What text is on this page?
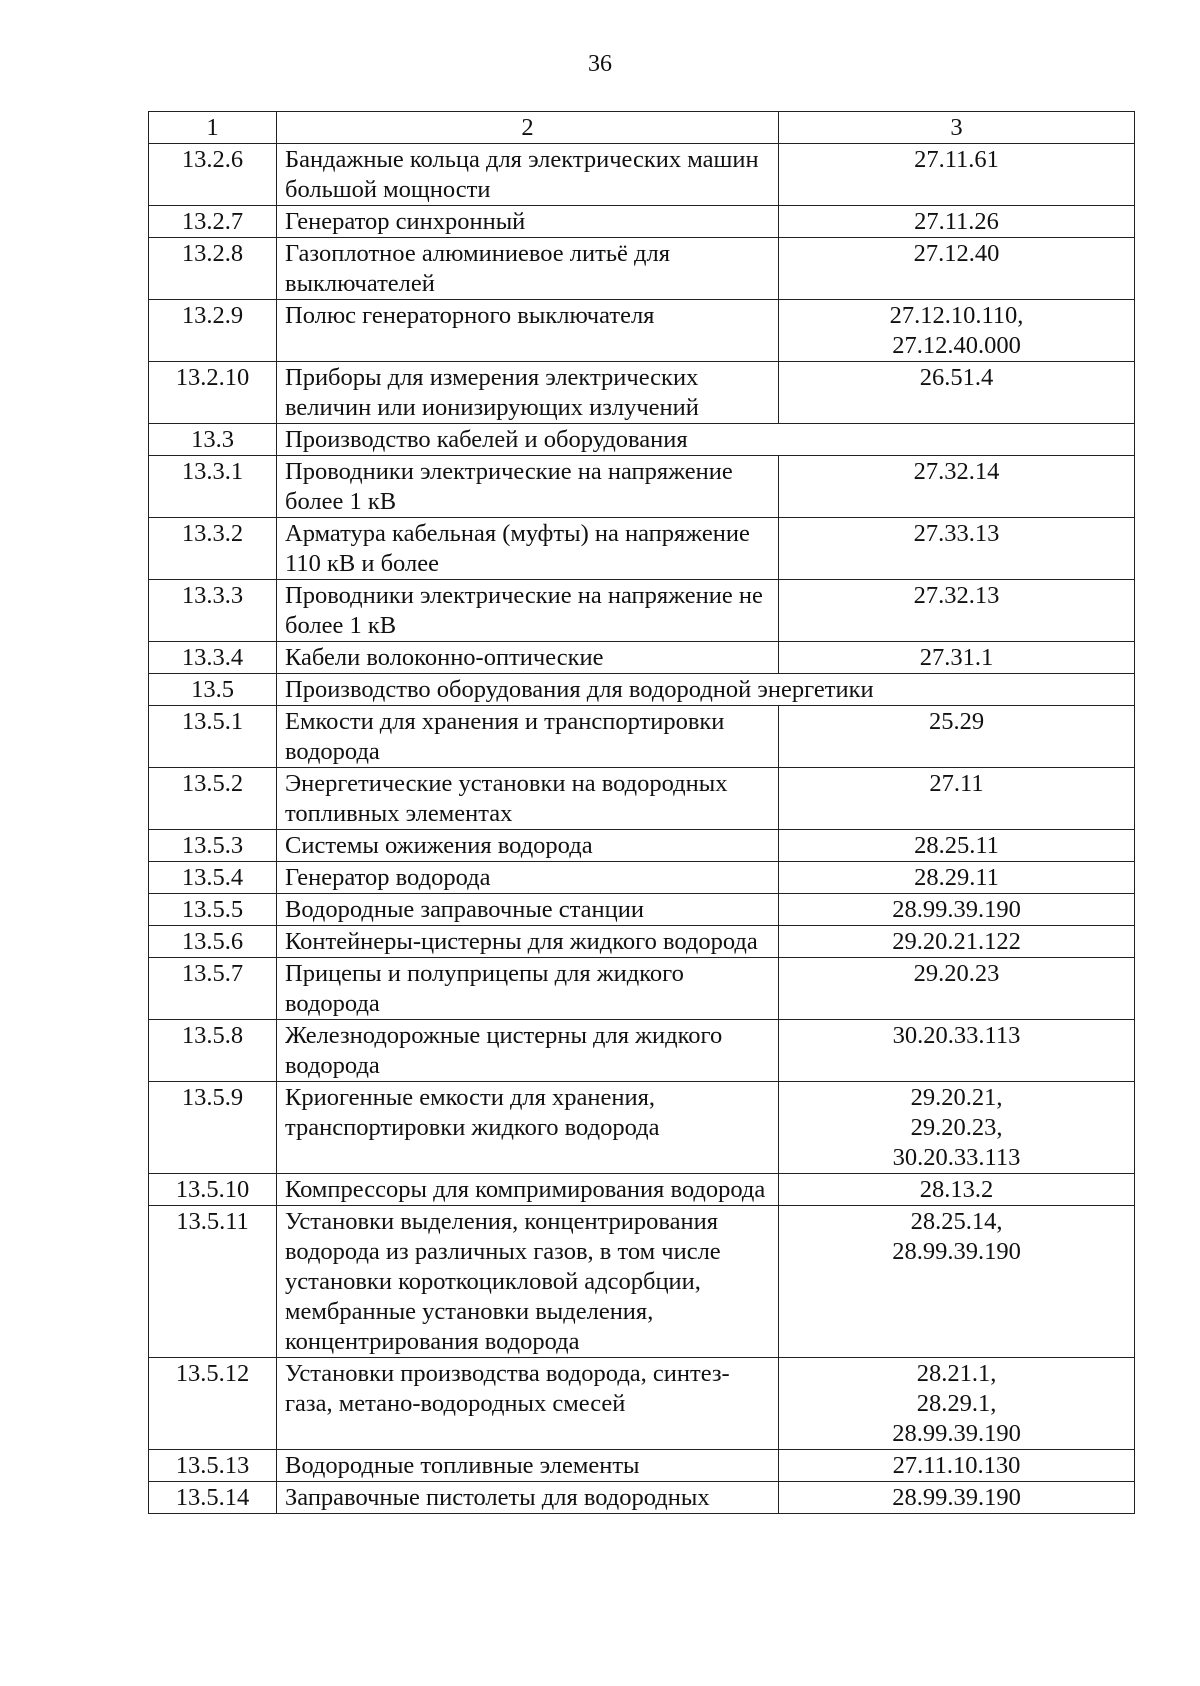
36
1	2	3
13.2.6	Бандажные кольца для электрических машин большой мощности	27.11.61

13.2.7	Генератор синхронный	27.11.26

13.2.8	Газоплотное алюминиевое литьё для выключателей	27.12.40

13.2.9	Полюс генераторного выключателя	27.12.10.110,
27.12.40.000

13.2.10	Приборы для измерения электрических величин или ионизирующих излучений	26.51.4

13.3	Производство кабелей и оборудования	
13.3.1	Проводники электрические на напряжение более 1 кВ	27.32.14

13.3.2	Арматура кабельная (муфты) на напряжение 110 кВ и более	27.33.13

13.3.3	Проводники электрические на напряжение не более 1 кВ	27.32.13

13.3.4	Кабели волоконно-оптические	27.31.1

13.5	Производство оборудования для водородной энергетики	
13.5.1	Емкости для хранения и транспортировки водорода	25.29

13.5.2	Энергетические установки на водородных топливных элементах	27.11

13.5.3	Системы ожижения водорода	28.25.11

13.5.4	Генератор водорода	28.29.11

13.5.5	Водородные заправочные станции	28.99.39.190

13.5.6	Контейнеры-цистерны для жидкого водорода	29.20.21.122

13.5.7	Прицепы и полуприцепы для жидкого водорода	29.20.23

13.5.8	Железнодорожные цистерны для жидкого водорода	30.20.33.113

13.5.9	Криогенные емкости для хранения, транспортировки жидкого водорода	29.20.21,
29.20.23,
30.20.33.113

13.5.10	Компрессоры для компримирования водорода	28.13.2

13.5.11	Установки выделения, концентрирования водорода из различных газов, в том числе установки короткоцикловой адсорбции, мембранные установки выделения, концентрирования водорода	28.25.14,
28.99.39.190

13.5.12	Установки производства водорода, синтез-газа, метано-водородных смесей	28.21.1,
28.29.1,
28.99.39.190

13.5.13	Водородные топливные элементы	27.11.10.130

13.5.14	Заправочные пистолеты для водородных	28.99.39.190
